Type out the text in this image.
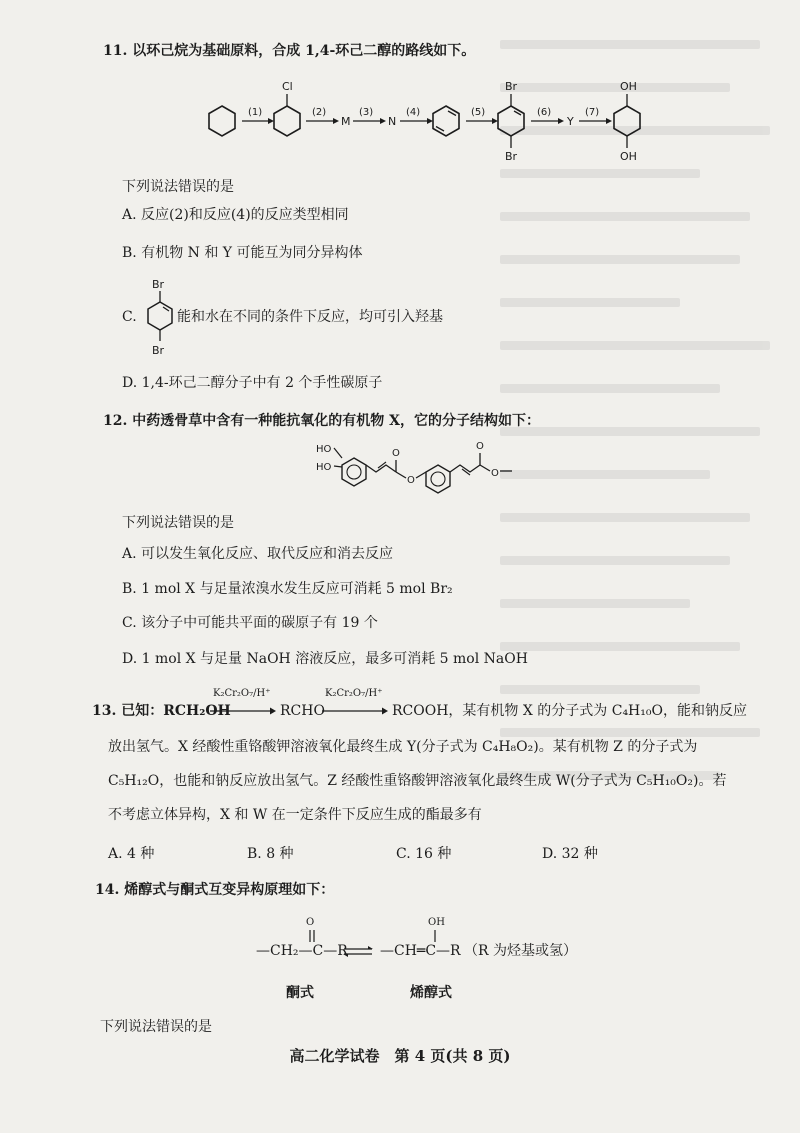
11. 以环己烷为基础原料，合成 1,4-环己二醇的路线如下。
(1)
Cl
(2)
M
(3)
N
(4)	(5)
Br
Br
(6)
Y
(7)
OH
OH
下列说法错误的是
A. 反应(2)和反应(4)的反应类型相同
B. 有机物 N 和 Y 可能互为同分异构体
C.
Br
Br
能和水在不同的条件下反应，均可引入羟基
D. 1,4-环己二醇分子中有 2 个手性碳原子
12. 中药透骨草中含有一种能抗氧化的有机物 X，它的分子结构如下：
HO
HO
O
O
O
O
下列说法错误的是
A. 可以发生氧化反应、取代反应和消去反应
B. 1 mol X 与足量浓溴水发生反应可消耗 5 mol Br₂
C. 该分子中可能共平面的碳原子有 19 个
D. 1 mol X 与足量 NaOH 溶液反应，最多可消耗 5 mol NaOH
13. 已知：RCH₂OH
K₂Cr₂O₇/H⁺
RCHO
K₂Cr₂O₇/H⁺
RCOOH，某有机物 X 的分子式为 C₄H₁₀O，能和钠反应
放出氢气。X 经酸性重铬酸钾溶液氧化最终生成 Y(分子式为 C₄H₈O₂)。某有机物 Z 的分子式为
C₅H₁₂O，也能和钠反应放出氢气。Z 经酸性重铬酸钾溶液氧化最终生成 W(分子式为 C₅H₁₀O₂)。若
不考虑立体异构，X 和 W 在一定条件下反应生成的酯最多有
A. 4 种	B. 8 种	C. 16 种	D. 32 种
14. 烯醇式与酮式互变异构原理如下：
O
—CH₂—C—R
OH
—CH═C—R （R 为烃基或氢）
酮式	烯醇式
下列说法错误的是
高二化学试卷　第 4 页(共 8 页)
